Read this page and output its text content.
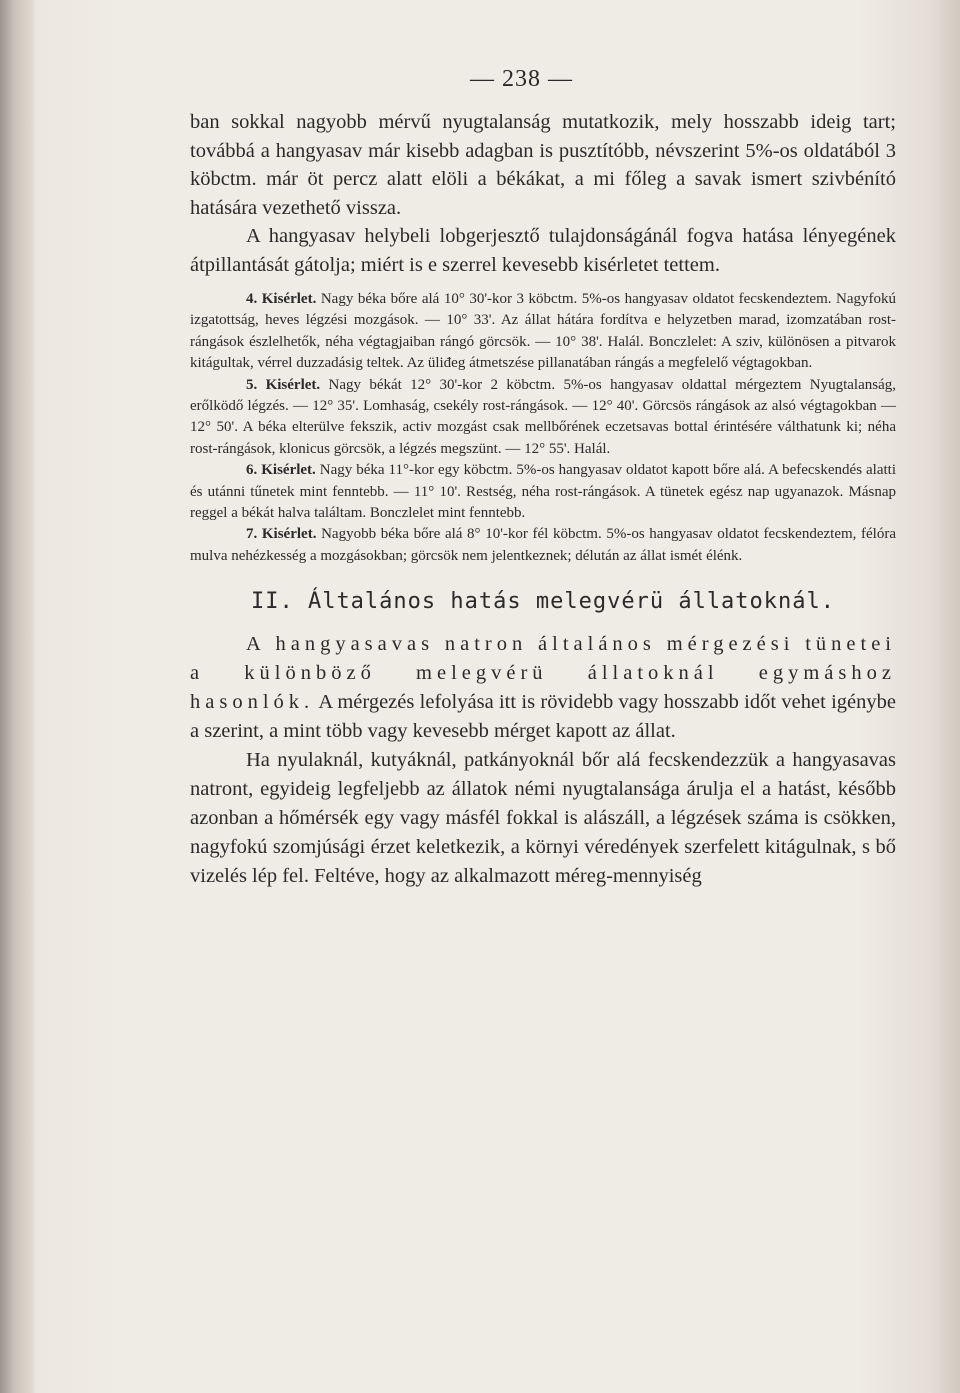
— 238 —

ban sokkal nagyobb mérvű nyugtalanság mutatkozik, mely hosszabb ideig tart; továbbá a hangyasav már kisebb adagban is pusztítóbb, névszerint 5%-os oldatából 3 köbctm. már öt percz alatt elöli a békákat, a mi főleg a savak ismert szivbénító hatására vezethető vissza.

A hangyasav helybeli lobgerjesztő tulajdonságánál fogva hatása lényegének átpillantását gátolja; miért is e szerrel kevesebb kisérletet tettem.

4. Kisérlet. Nagy béka bőre alá 10° 30'-kor 3 köbctm. 5%-os hangyasav oldatot fecskendeztem. Nagyfokú izgatottság, heves légzési mozgások. — 10° 33'. Az állat hátára fordítva e helyzetben marad, izomzatában rost-rángások észlelhetők, néha végtagjaiban rángó görcsök. — 10° 38'. Halál. Bonczlelet: A sziv, különösen a pitvarok kitágultak, vérrel duzzadásig teltek. Az üliđeg átmetszése pillanatában rángás a megfelelő végtagokban.

5. Kisérlet. Nagy békát 12° 30'-kor 2 köbctm. 5%-os hangyasav oldattal mérgeztem Nyugtalanság, erőlködő légzés. — 12° 35'. Lomhaság, csekély rost-rángások. — 12° 40'. Görcsös rángások az alsó végtagokban — 12° 50'. A béka elterülve fekszik, activ mozgást csak mellbőrének eczetsavas bottal érintésére válthatunk ki; néha rost-rángások, klonicus görcsök, a légzés megszünt. — 12° 55'. Halál.

6. Kisérlet. Nagy béka 11°-kor egy köbctm. 5%-os hangyasav oldatot kapott bőre alá. A befecskendés alatti és utánni tűnetek mint fenntebb. — 11° 10'. Restség, néha rost-rángások. A tünetek egész nap ugyanazok. Másnap reggel a békát halva találtam. Bonczlelet mint fenntebb.

7. Kisérlet. Nagyobb béka bőre alá 8° 10'-kor fél köbctm. 5%-os hangyasav oldatot fecskendeztem, félóra mulva nehézkesség a mozgásokban; görcsök nem jelentkeznek; délután az állat ismét élénk.

II. Általános hatás melegvérü állatoknál.

A hangyasavas natron általános mérgezési tünetei a különböző melegvérü állatoknál egymáshoz hasonlók. A mérgezés lefolyása itt is rövidebb vagy hosszabb időt vehet igénybe a szerint, a mint több vagy kevesebb mérget kapott az állat.

Ha nyulaknál, kutyáknál, patkányoknál bőr alá fecskendezzük a hangyasavas natront, egyideig legfeljebb az állatok némi nyugtalansága árulja el a hatást, később azonban a hőmérsék egy vagy másfél fokkal is alászáll, a légzések száma is csökken, nagyfokú szomjúsági érzet keletkezik, a környi véredények szerfelett kitágulnak, s bő vizelés lép fel. Feltéve, hogy az alkalmazott méreg-mennyiség
